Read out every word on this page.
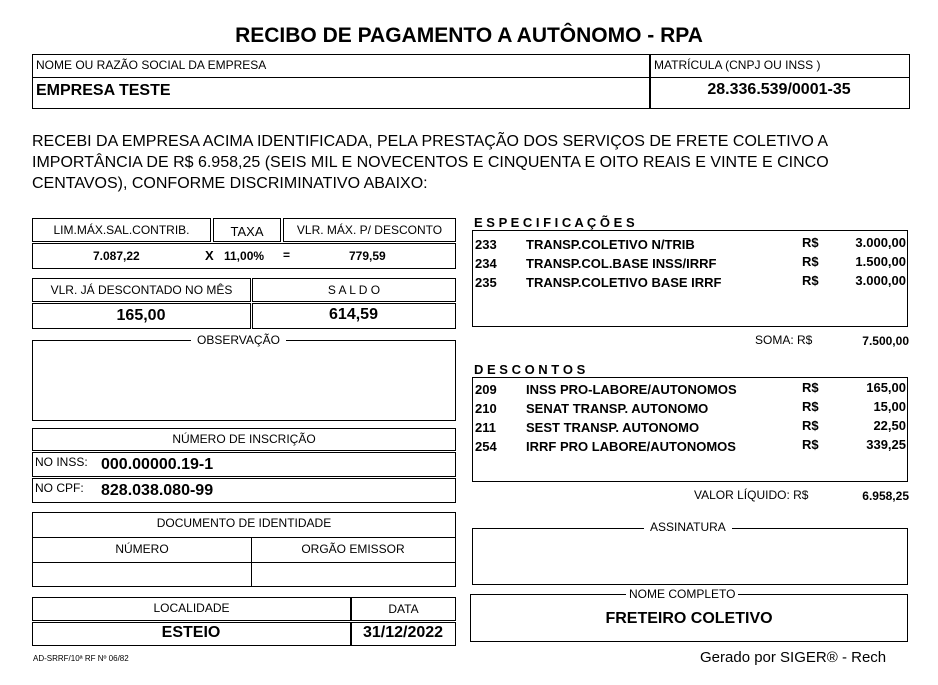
RECIBO DE PAGAMENTO A AUTÔNOMO - RPA
NOME OU RAZÃO SOCIAL DA EMPRESA
EMPRESA TESTE
MATRÍCULA (CNPJ OU INSS )
28.336.539/0001-35
RECEBI DA EMPRESA ACIMA IDENTIFICADA, PELA PRESTAÇÃO DOS SERVIÇOS DE FRETE COLETIVO A IMPORTÂNCIA DE R$ 6.958,25 (SEIS MIL E NOVECENTOS E CINQUENTA E OITO REAIS E VINTE E CINCO CENTAVOS), CONFORME DISCRIMINATIVO ABAIXO:
LIM.MÁX.SAL.CONTRIB.	TAXA	VLR. MÁX. P/ DESCONTO
7.087,22	X 11,00% =	779,59
VLR. JÁ DESCONTADO NO MÊS	S A L D O
165,00	614,59
OBSERVAÇÃO
NÚMERO DE INSCRIÇÃO
NO INSS: 000.00000.19-1
NO CPF: 828.038.080-99
DOCUMENTO DE IDENTIDADE
NÚMERO	ORGÃO EMISSOR
LOCALIDADE	DATA
ESTEIO	31/12/2022
AD-SRRF/10ª RF Nº 06/82
E S P E C I F I C A Ç Õ E S
233 TRANSP.COLETIVO N/TRIB	R$	3.000,00
234 TRANSP.COL.BASE INSS/IRRF	R$	1.500,00
235 TRANSP.COLETIVO BASE IRRF	R$	3.000,00
SOMA: R$	7.500,00
D E S C O N T O S
209 INSS PRO-LABORE/AUTONOMOS	R$	165,00
210 SENAT TRANSP. AUTONOMO	R$	15,00
211 SEST TRANSP. AUTONOMO	R$	22,50
254 IRRF PRO LABORE/AUTONOMOS	R$	339,25
VALOR LÍQUIDO: R$	6.958,25
ASSINATURA
FRETEIRO COLETIVO
NOME COMPLETO
Gerado por SIGER® - Rech
